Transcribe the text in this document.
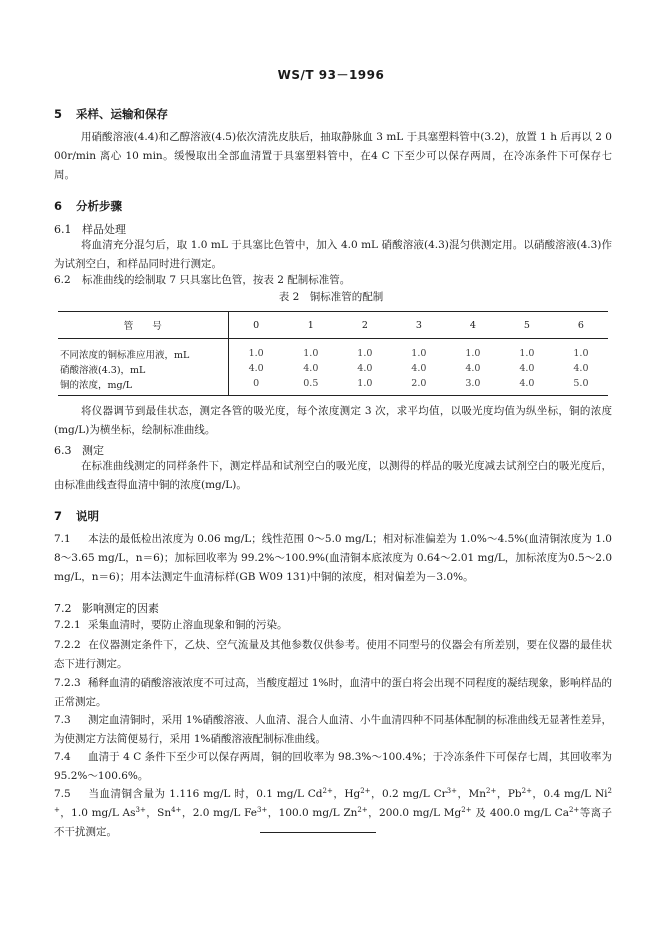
WS/T 93－1996
5 采样、运输和保存

用硝酸溶液(4.4)和乙醇溶液(4.5)依次清洗皮肤后，抽取静脉血 3 mL 于具塞塑料管中(3.2)，放置 1 h 后再以 2 000r/min 离心 10 min。缓慢取出全部血清置于具塞塑料管中，在4 C 下至少可以保存两周，在冷冻条件下可保存七周。

6 分析步骤
6.1 样品处理

将血清充分混匀后，取 1.0 mL 于具塞比色管中，加入 4.0 mL 硝酸溶液(4.3)混匀供测定用。以硝酸溶液(4.3)作为试剂空白，和样品同时进行测定。

6.2 标准曲线的绘制取 7 只具塞比色管，按表 2 配制标准管。

表 2　铜标准管的配制
管　　号	0	1	2	3	4	5	6

不同浓度的铜标准应用液，mL	1.0	1.0	1.0	1.0	1.0	1.0	1.0
硝酸溶液(4.3)，mL	4.0	4.0	4.0	4.0	4.0	4.0	4.0
铜的浓度，mg/L	0	0.5	1.0	2.0	3.0	4.0	5.0

将仪器调节到最佳状态，测定各管的吸光度，每个浓度测定 3 次，求平均值，以吸光度均值为纵坐标，铜的浓度(mg/L)为横坐标，绘制标准曲线。

6.3 测定

在标准曲线测定的同样条件下，测定样品和试剂空白的吸光度，以测得的样品的吸光度减去试剂空白的吸光度后，由标准曲线查得血清中铜的浓度(mg/L)。

7 说明

7.1 本法的最低检出浓度为 0.06 mg/L；线性范围 0～5.0 mg/L；相对标准偏差为 1.0%～4.5%(血清铜浓度为 1.08～3.65 mg/L，n＝6)；加标回收率为 99.2%～100.9%(血清铜本底浓度为 0.64～2.01 mg/L，加标浓度为0.5～2.0 mg/L，n＝6)；用本法测定牛血清标样(GB W09 131)中铜的浓度，相对偏差为－3.0%。

7.2 影响测定的因素

7.2.1 采集血清时，要防止溶血现象和铜的污染。

7.2.2 在仪器测定条件下，乙炔、空气流量及其他参数仅供参考。使用不同型号的仪器会有所差别，要在仪器的最佳状态下进行测定。

7.2.3 稀释血清的硝酸溶液浓度不可过高，当酸度超过 1%时，血清中的蛋白将会出现不同程度的凝结现象，影响样品的正常测定。

7.3 测定血清铜时，采用 1%硝酸溶液、人血清、混合人血清、小牛血清四种不同基体配制的标准曲线无显著性差异，为使测定方法简便易行，采用 1%硝酸溶液配制标准曲线。

7.4 血清于 4 C 条件下至少可以保存两周，铜的回收率为 98.3%～100.4%；于冷冻条件下可保存七周，其回收率为 95.2%～100.6%。

7.5 当血清铜含量为 1.116 mg/L 时，0.1 mg/L $Cd^{2+}$，$Hg^{2+}$，0.2 mg/L $Cr^{3+}$，$Mn^{2+}$，$Pb^{2+}$，0.4 mg/L $Ni^{2+}$，1.0 mg/L $As^{3+}$，$Sn^{4+}$，2.0 mg/L $Fe^{3+}$，100.0 mg/L $Zn^{2+}$，200.0 mg/L $Mg^{2+}$ 及 400.0 mg/L $Ca^{2+}$等离子不干扰测定。
